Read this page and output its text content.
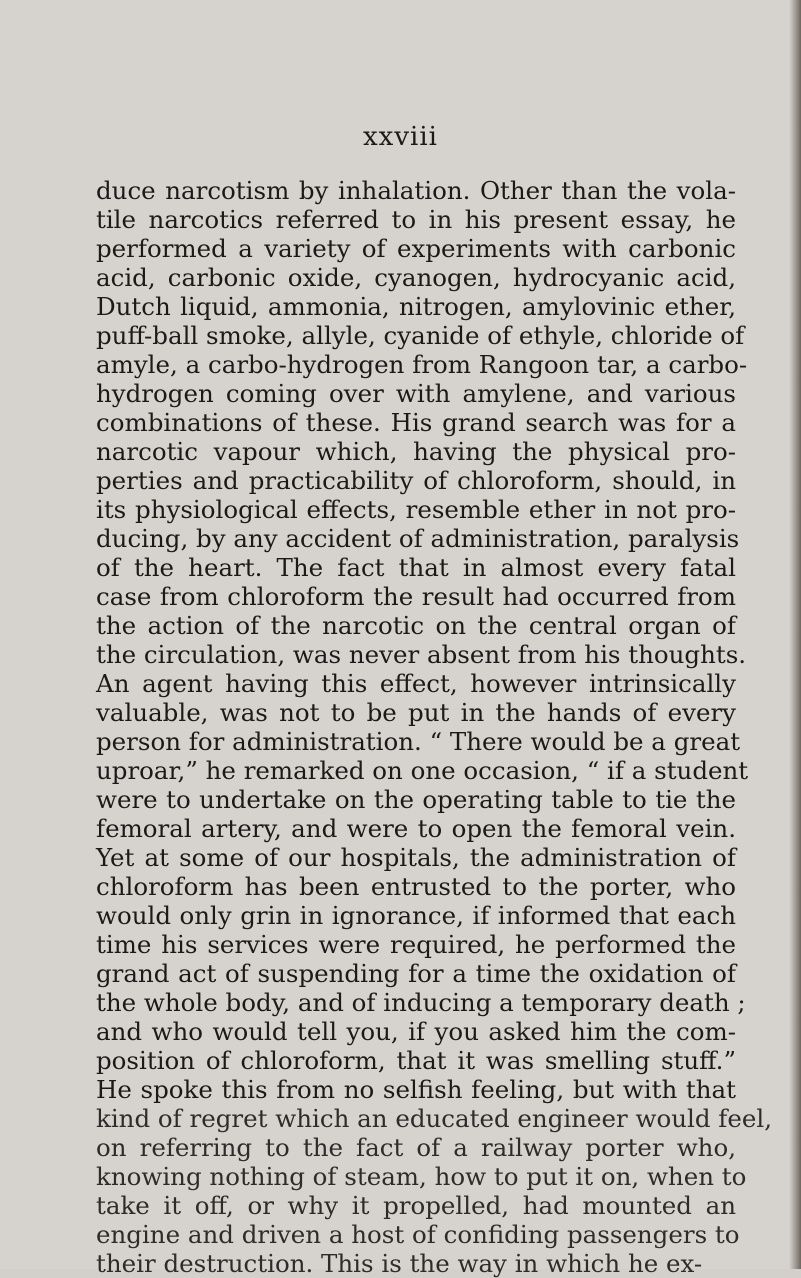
xxviii
duce narcotism by inhalation. Other than the vola-
tile narcotics referred to in his present essay, he
performed a variety of experiments with carbonic
acid, carbonic oxide, cyanogen, hydrocyanic acid,
Dutch liquid, ammonia, nitrogen, amylovinic ether,
puff-ball smoke, allyle, cyanide of ethyle, chloride of
amyle, a carbo-hydrogen from Rangoon tar, a carbo-
hydrogen coming over with amylene, and various
combinations of these. His grand search was for a
narcotic vapour which, having the physical pro-
perties and practicability of chloroform, should, in
its physiological effects, resemble ether in not pro-
ducing, by any accident of administration, paralysis
of the heart. The fact that in almost every fatal
case from chloroform the result had occurred from
the action of the narcotic on the central organ of
the circulation, was never absent from his thoughts.
An agent having this effect, however intrinsically
valuable, was not to be put in the hands of every
person for administration. “ There would be a great
uproar,” he remarked on one occasion, “ if a student
were to undertake on the operating table to tie the
femoral artery, and were to open the femoral vein.
Yet at some of our hospitals, the administration of
chloroform has been entrusted to the porter, who
would only grin in ignorance, if informed that each
time his services were required, he performed the
grand act of suspending for a time the oxidation of
the whole body, and of inducing a temporary death ;
and who would tell you, if you asked him the com-
position of chloroform, that it was smelling stuff.”
He spoke this from no selfish feeling, but with that
kind of regret which an educated engineer would feel,
on referring to the fact of a railway porter who,
knowing nothing of steam, how to put it on, when to
take it off, or why it propelled, had mounted an
engine and driven a host of confiding passengers to
their destruction. This is the way in which he ex-
